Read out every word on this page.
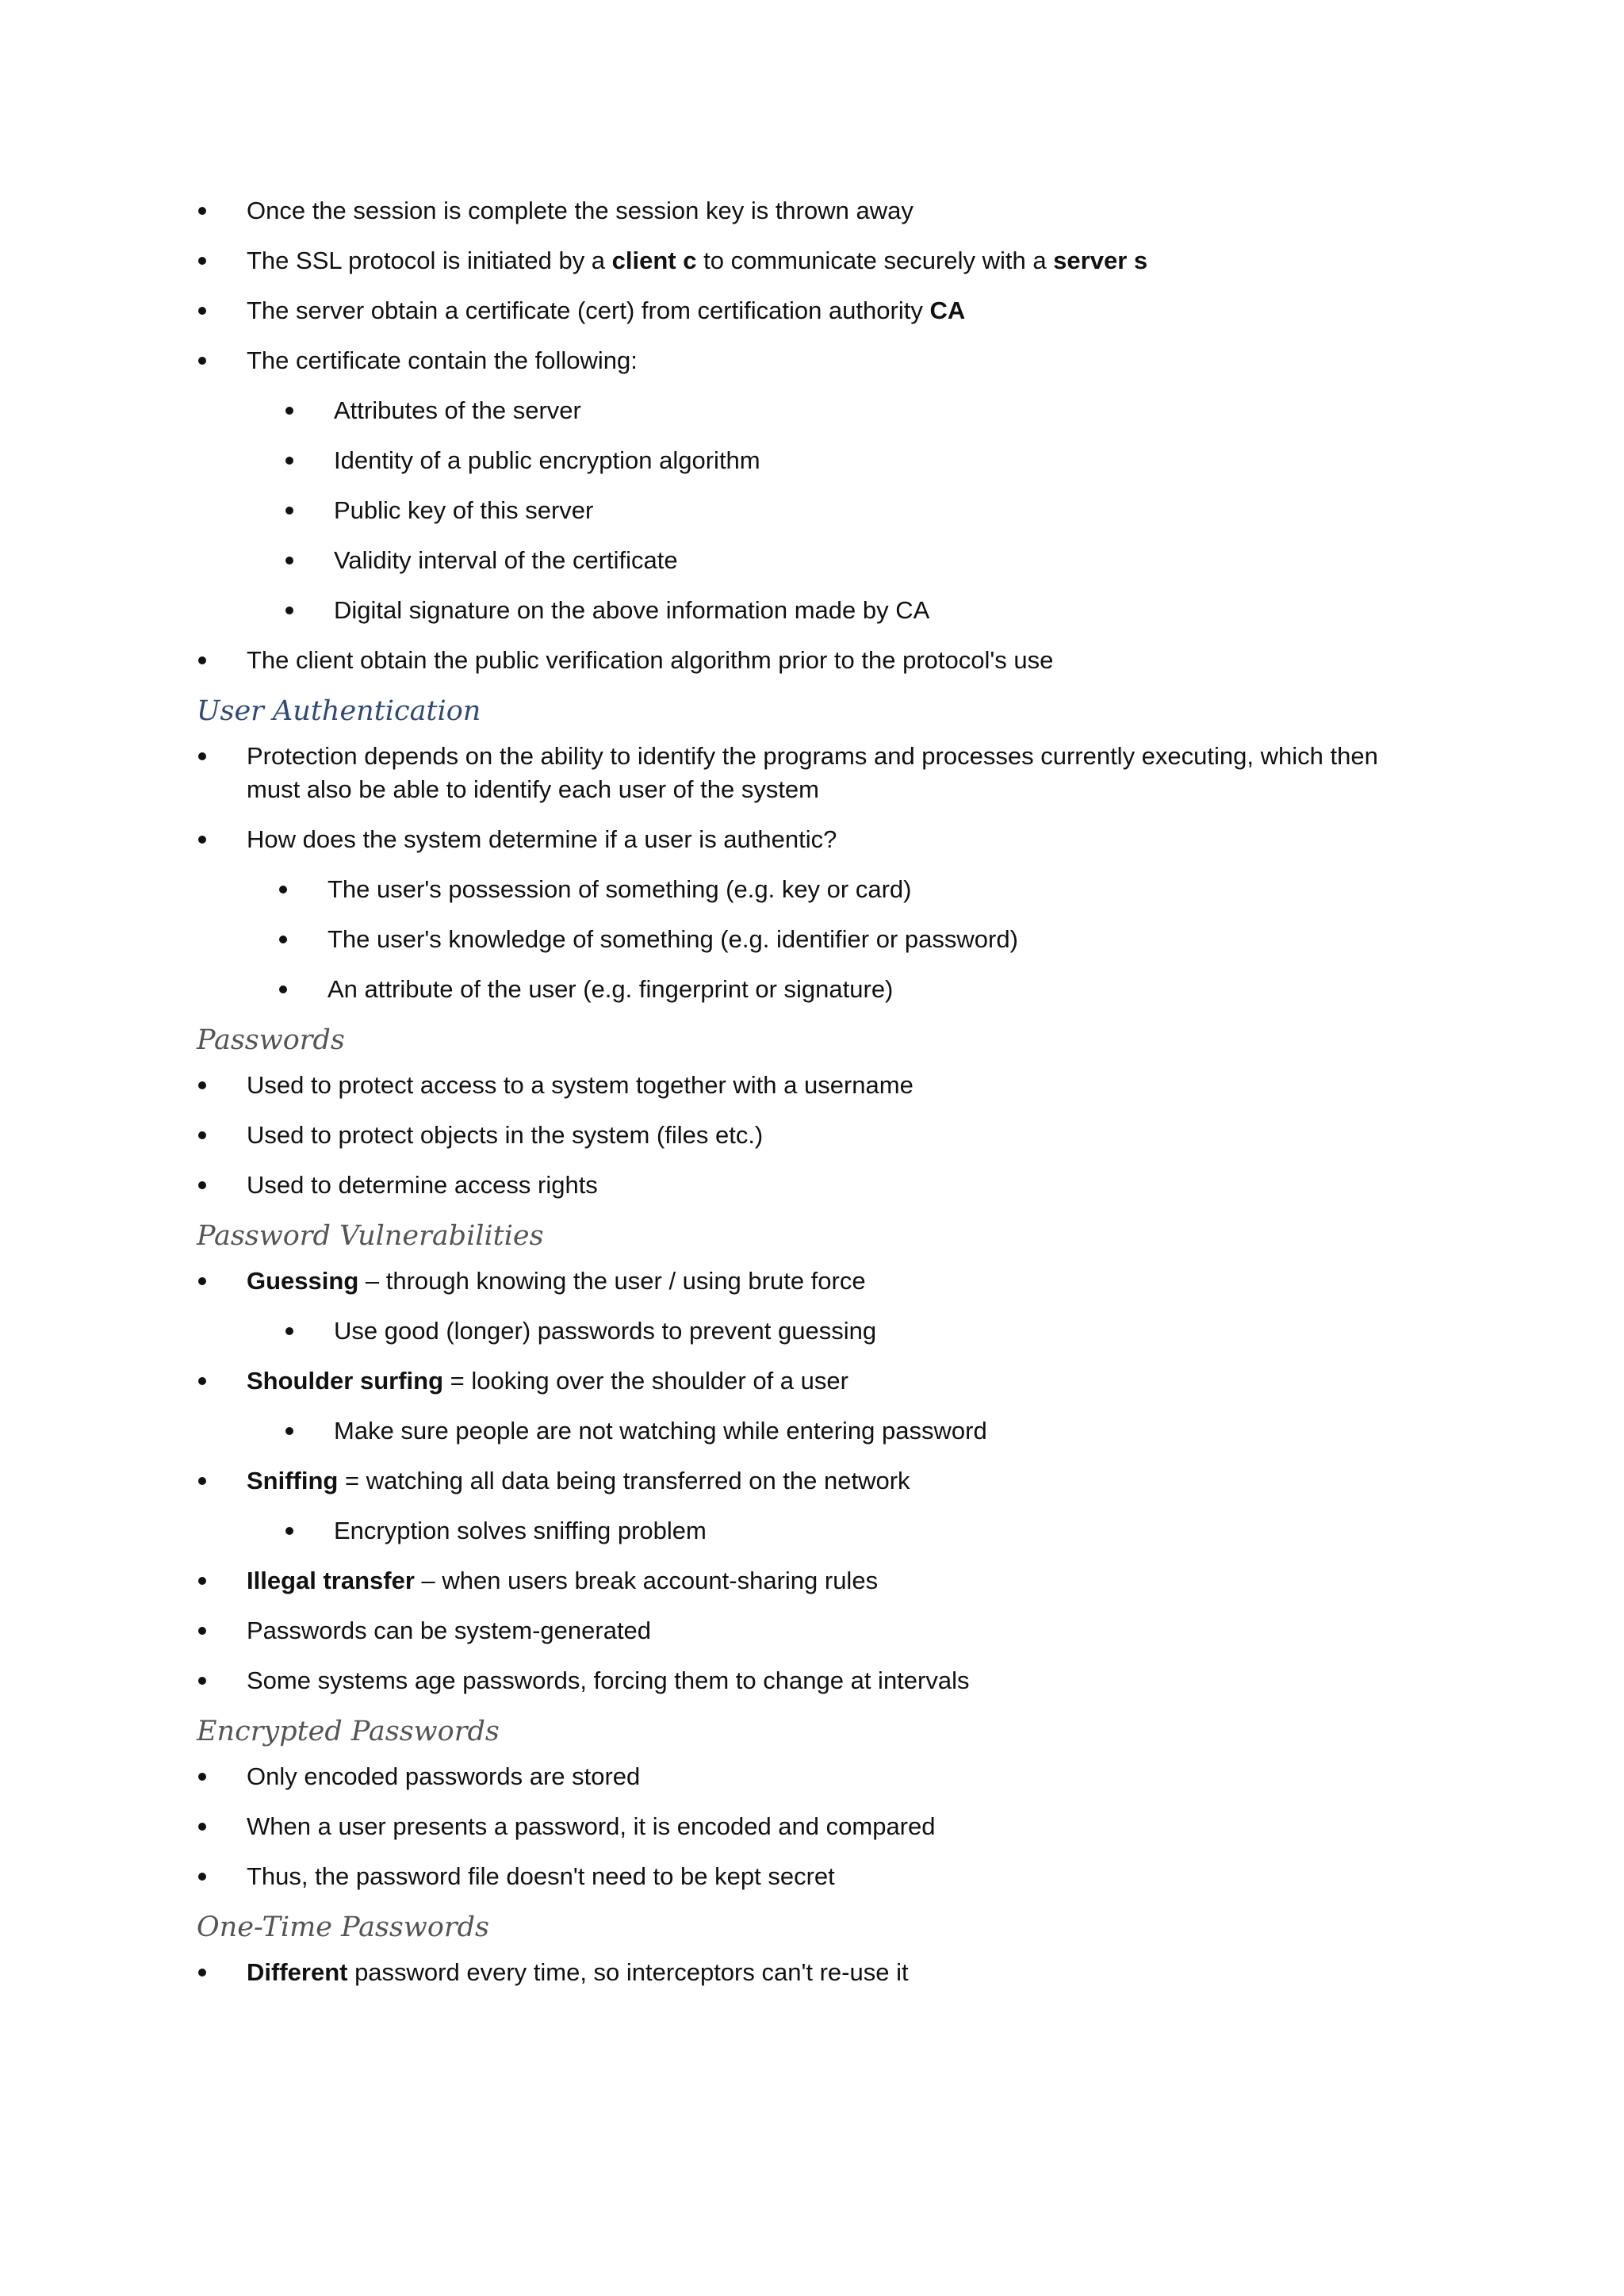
Once the session is complete the session key is thrown away
The SSL protocol is initiated by a client c to communicate securely with a server s
The server obtain a certificate (cert) from certification authority CA
The certificate contain the following:
Attributes of the server
Identity of a public encryption algorithm
Public key of this server
Validity interval of the certificate
Digital signature on the above information made by CA
The client obtain the public verification algorithm prior to the protocol's use
User Authentication
Protection depends on the ability to identify the programs and processes currently executing, which then must also be able to identify each user of the system
How does the system determine if a user is authentic?
The user's possession of something (e.g. key or card)
The user's knowledge of something (e.g. identifier or password)
An attribute of the user (e.g. fingerprint or signature)
Passwords
Used to protect access to a system together with a username
Used to protect objects in the system (files etc.)
Used to determine access rights
Password Vulnerabilities
Guessing – through knowing the user / using brute force
Use good (longer) passwords to prevent guessing
Shoulder surfing = looking over the shoulder of a user
Make sure people are not watching while entering password
Sniffing = watching all data being transferred on the network
Encryption solves sniffing problem
Illegal transfer – when users break account-sharing rules
Passwords can be system-generated
Some systems age passwords, forcing them to change at intervals
Encrypted Passwords
Only encoded passwords are stored
When a user presents a password, it is encoded and compared
Thus, the password file doesn't need to be kept secret
One-Time Passwords
Different password every time, so interceptors can't re-use it
